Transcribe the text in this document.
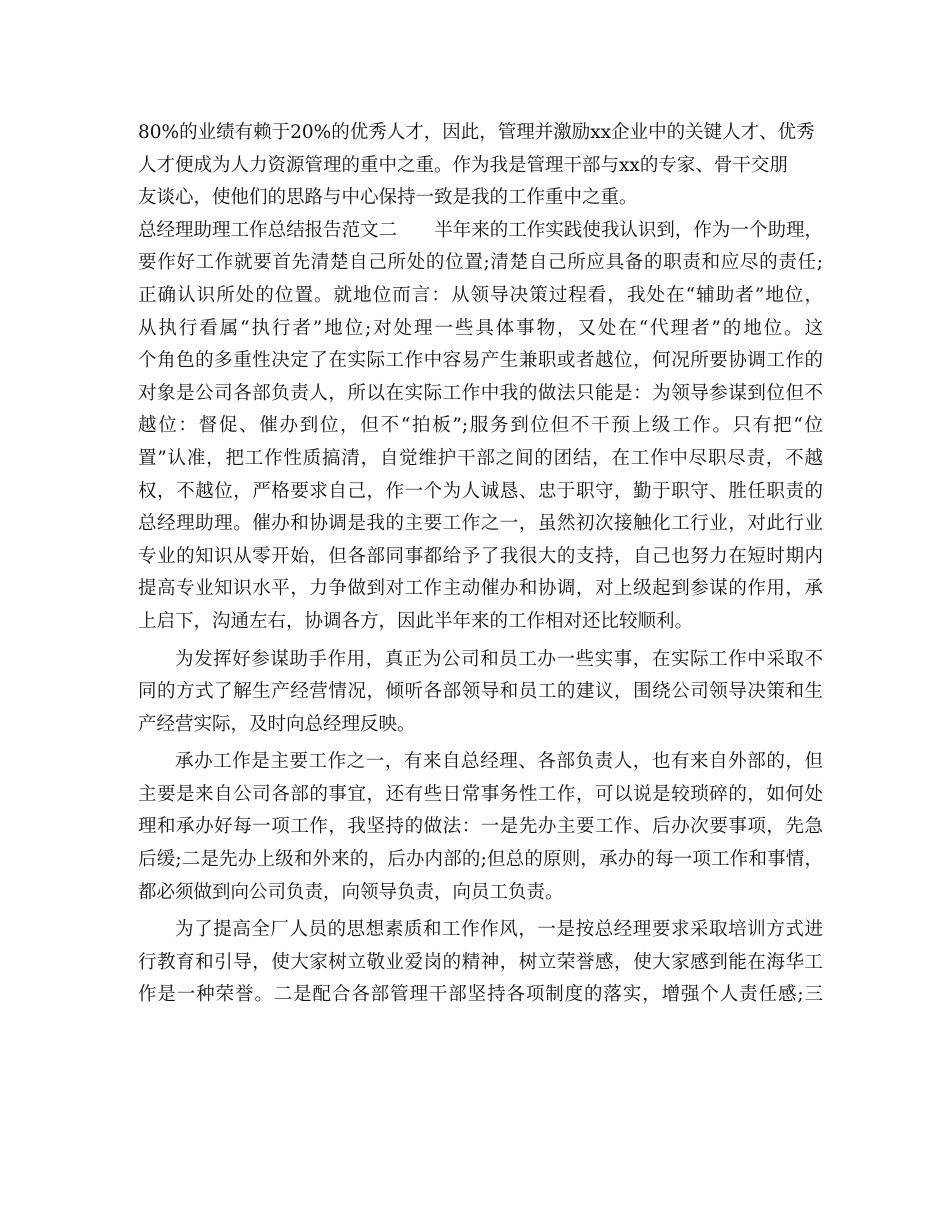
80%的业绩有赖于20%的优秀人才，因此，管理并激励xx企业中的关键人才、优秀
人才便成为人力资源管理的重中之重。作为我是管理干部与xx的专家、骨干交朋
友谈心，使他们的思路与中心保持一致是我的工作重中之重。
总经理助理工作总结报告范文二　　半年来的工作实践使我认识到，作为一个助理，
要作好工作就要首先清楚自己所处的位置;清楚自己所应具备的职责和应尽的责任;
正确认识所处的位置。就地位而言：从领导决策过程看，我处在“辅助者”地位，
从执行看属“执行者”地位;对处理一些具体事物，又处在“代理者”的地位。这
个角色的多重性决定了在实际工作中容易产生兼职或者越位，何况所要协调工作的
对象是公司各部负责人，所以在实际工作中我的做法只能是：为领导参谋到位但不
越位：督促、催办到位，但不“拍板”;服务到位但不干预上级工作。只有把“位
置”认准，把工作性质搞清，自觉维护干部之间的团结，在工作中尽职尽责，不越
权，不越位，严格要求自己，作一个为人诚恳、忠于职守，勤于职守、胜任职责的
总经理助理。催办和协调是我的主要工作之一，虽然初次接触化工行业，对此行业
专业的知识从零开始，但各部同事都给予了我很大的支持，自己也努力在短时期内
提高专业知识水平，力争做到对工作主动催办和协调，对上级起到参谋的作用，承
上启下，沟通左右，协调各方，因此半年来的工作相对还比较顺利。
为发挥好参谋助手作用，真正为公司和员工办一些实事，在实际工作中采取不
同的方式了解生产经营情况，倾听各部领导和员工的建议，围绕公司领导决策和生
产经营实际，及时向总经理反映。
承办工作是主要工作之一，有来自总经理、各部负责人，也有来自外部的，但
主要是来自公司各部的事宜，还有些日常事务性工作，可以说是较琐碎的，如何处
理和承办好每一项工作，我坚持的做法：一是先办主要工作、后办次要事项，先急
后缓;二是先办上级和外来的，后办内部的;但总的原则，承办的每一项工作和事情，
都必须做到向公司负责，向领导负责，向员工负责。
为了提高全厂人员的思想素质和工作作风，一是按总经理要求采取培训方式进
行教育和引导，使大家树立敬业爱岗的精神，树立荣誉感，使大家感到能在海华工
作是一种荣誉。二是配合各部管理干部坚持各项制度的落实，增强个人责任感;三
